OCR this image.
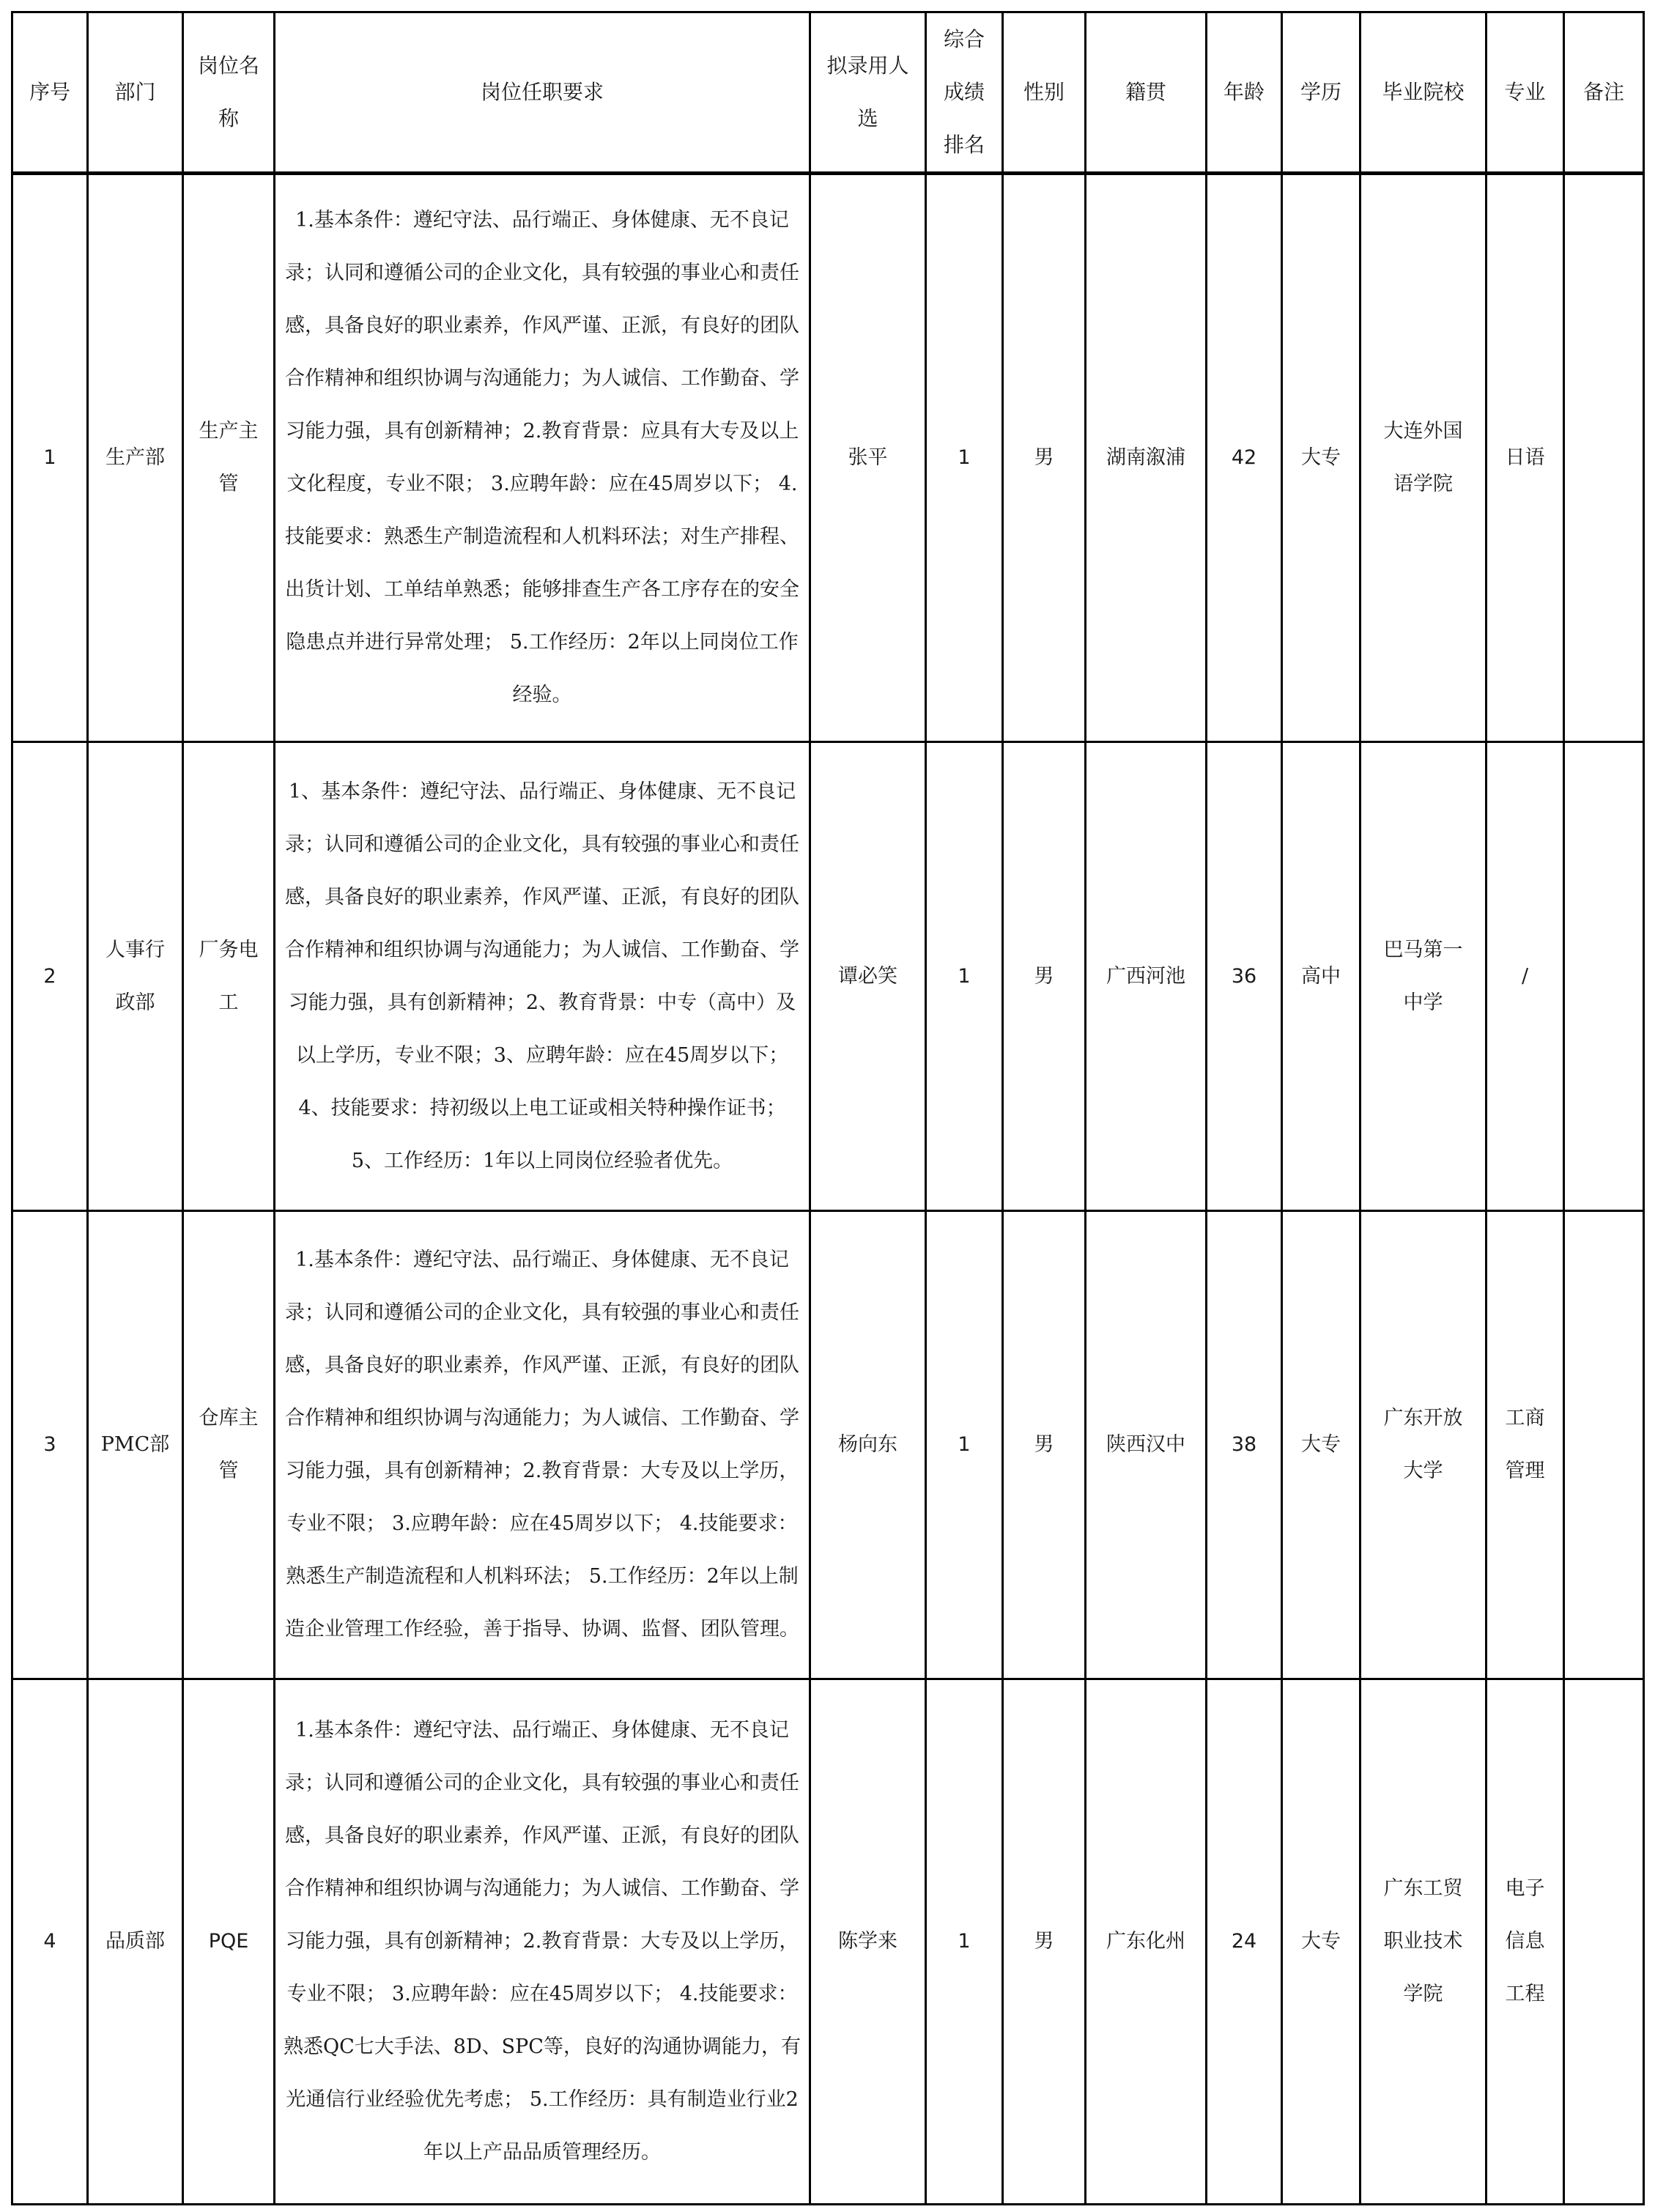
序号	部门	岗位名称	岗位任职要求	拟录用人选	综合成绩排名	性别	籍贯	年龄	学历	毕业院校	专业	备注
1	生产部	生产主管	1.基本条件：遵纪守法、品行端正、身体健康、无不良记录；认同和遵循公司的企业文化，具有较强的事业心和责任感，具备良好的职业素养，作风严谨、正派，有良好的团队合作精神和组织协调与沟通能力；为人诚信、工作勤奋、学习能力强，具有创新精神；2.教育背景：应具有大专及以上文化程度，专业不限； 3.应聘年龄：应在45周岁以下； 4.技能要求：熟悉生产制造流程和人机料环法；对生产排程、出货计划、工单结单熟悉；能够排查生产各工序存在的安全隐患点并进行异常处理； 5.工作经历：2年以上同岗位工作经验。	张平	1	男	湖南溆浦	42	大专	大连外国语学院	日语	
2	人事行政部	厂务电工	1、基本条件：遵纪守法、品行端正、身体健康、无不良记录；认同和遵循公司的企业文化，具有较强的事业心和责任感，具备良好的职业素养，作风严谨、正派，有良好的团队合作精神和组织协调与沟通能力；为人诚信、工作勤奋、学习能力强，具有创新精神；2、教育背景：中专（高中）及以上学历，专业不限；3、应聘年龄：应在45周岁以下； 4、技能要求：持初级以上电工证或相关特种操作证书； 5、工作经历：1年以上同岗位经验者优先。	谭必笑	1	男	广西河池	36	高中	巴马第一中学	/	
3	PMC部	仓库主管	1.基本条件：遵纪守法、品行端正、身体健康、无不良记录；认同和遵循公司的企业文化，具有较强的事业心和责任感，具备良好的职业素养，作风严谨、正派，有良好的团队合作精神和组织协调与沟通能力；为人诚信、工作勤奋、学习能力强，具有创新精神；2.教育背景：大专及以上学历，专业不限； 3.应聘年龄：应在45周岁以下； 4.技能要求：熟悉生产制造流程和人机料环法； 5.工作经历：2年以上制造企业管理工作经验，善于指导、协调、监督、团队管理。	杨向东	1	男	陕西汉中	38	大专	广东开放大学	工商管理	
4	品质部	PQE	1.基本条件：遵纪守法、品行端正、身体健康、无不良记录；认同和遵循公司的企业文化，具有较强的事业心和责任感，具备良好的职业素养，作风严谨、正派，有良好的团队合作精神和组织协调与沟通能力；为人诚信、工作勤奋、学习能力强，具有创新精神；2.教育背景：大专及以上学历，专业不限； 3.应聘年龄：应在45周岁以下； 4.技能要求：熟悉QC七大手法、8D、SPC等，良好的沟通协调能力，有光通信行业经验优先考虑； 5.工作经历：具有制造业行业2年以上产品品质管理经历。	陈学来	1	男	广东化州	24	大专	广东工贸职业技术学院	电子信息工程	
